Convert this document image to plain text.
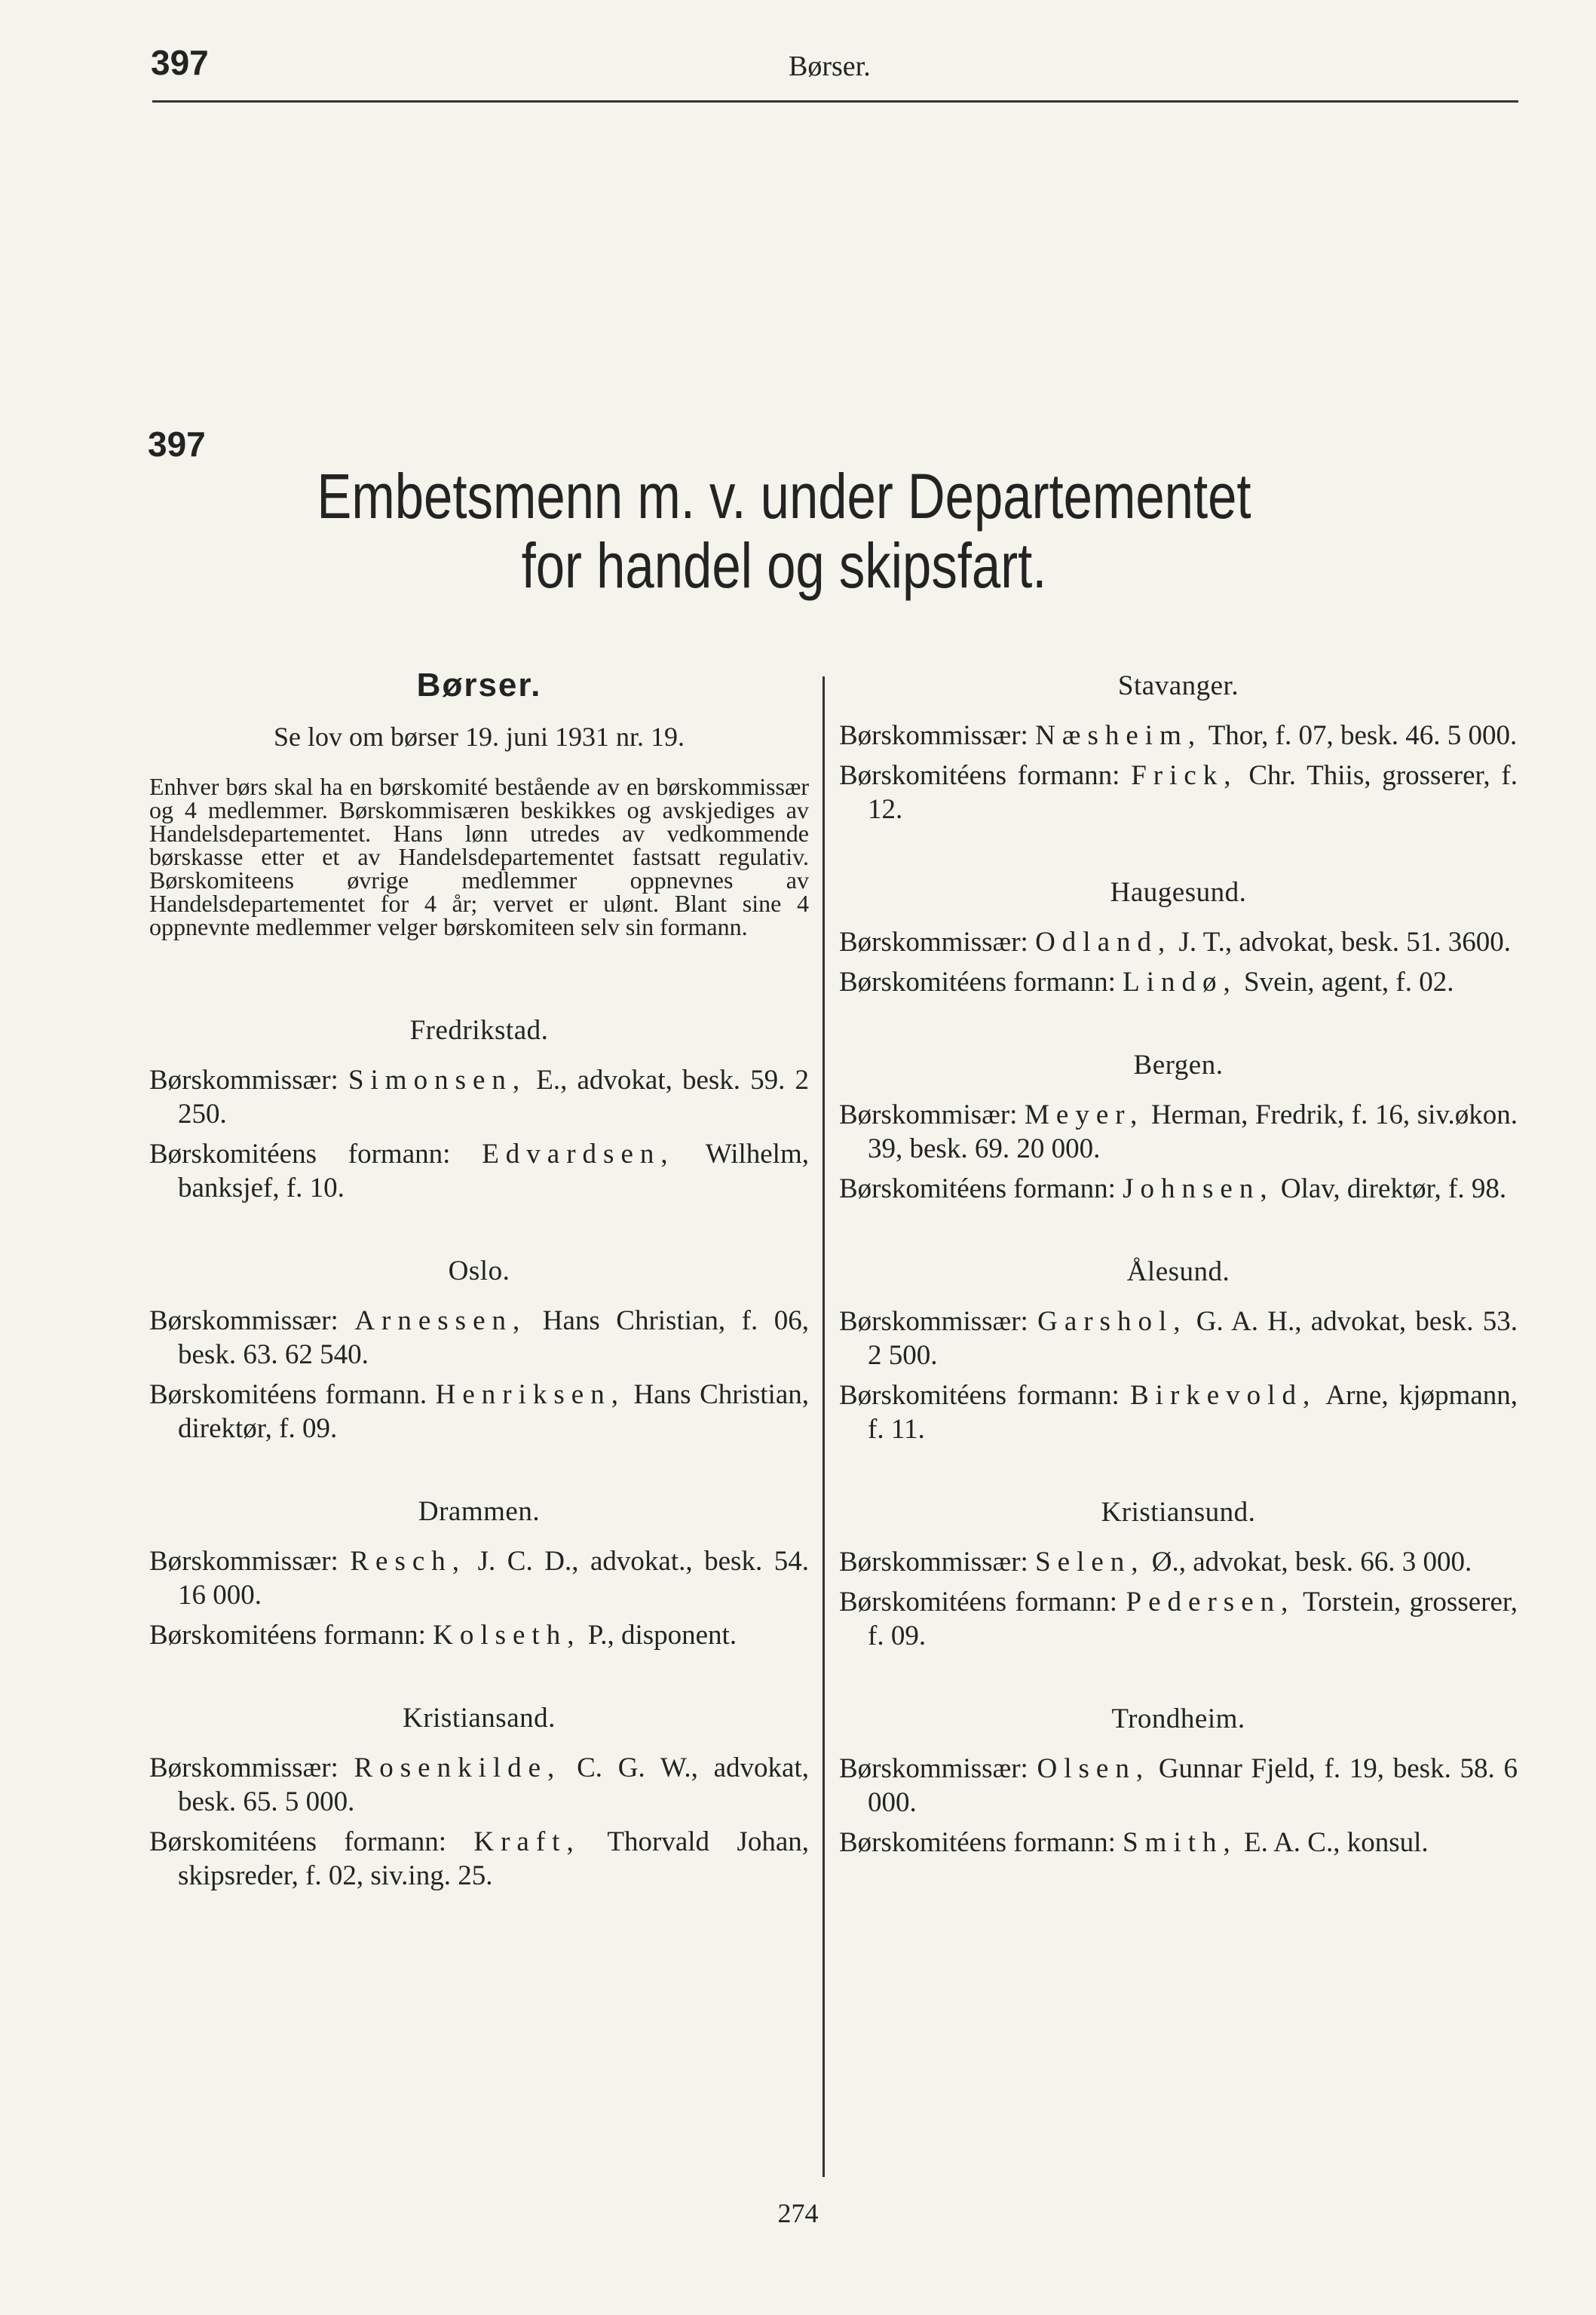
397	Børser.
397
Embetsmenn m. v. under Departementet
for handel og skipsfart.
Børser.
Se lov om børser 19. juni 1931 nr. 19.
Enhver børs skal ha en børskomité bestående av en børskommissær og 4 medlemmer. Børskommisæren beskikkes og avskjediges av Handelsdepartementet. Hans lønn utredes av vedkommende børskasse etter et av Handelsdepartementet fastsatt regulativ. Børskomiteens øvrige medlemmer oppnevnes av Handelsdepartementet for 4 år; vervet er ulønt. Blant sine 4 oppnevnte medlemmer velger børskomiteen selv sin formann.
Fredrikstad.
Børskommissær: Simonsen, E., advokat, besk. 59. 2 250.
Børskomitéens formann: Edvardsen, Wilhelm, banksjef, f. 10.
Oslo.
Børskommissær: Arnessen, Hans Christian, f. 06, besk. 63. 62 540.
Børskomitéens formann. Henriksen, Hans Christian, direktør, f. 09.
Drammen.
Børskommissær: Resch, J. C. D., advokat., besk. 54. 16 000.
Børskomitéens formann: Kolseth, P., disponent.
Kristiansand.
Børskommissær: Rosenkilde, C. G. W., advokat, besk. 65. 5 000.
Børskomitéens formann: Kraft, Thorvald Johan, skipsreder, f. 02, siv.ing. 25.
Stavanger.
Børskommissær: Næsheim, Thor, f. 07, besk. 46. 5 000.
Børskomitéens formann: Frick, Chr. Thiis, grosserer, f. 12.
Haugesund.
Børskommissær: Odland, J. T., advokat, besk. 51. 3600.
Børskomitéens formann: Lindø, Svein, agent, f. 02.
Bergen.
Børskommisær: Meyer, Herman, Fredrik, f. 16, siv.økon. 39, besk. 69. 20 000.
Børskomitéens formann: Johnsen, Olav, direktør, f. 98.
Ålesund.
Børskommissær: Garshol, G. A. H., advokat, besk. 53. 2 500.
Børskomitéens formann: Birkevold, Arne, kjøpmann, f. 11.
Kristiansund.
Børskommissær: Selen, Ø., advokat, besk. 66. 3 000.
Børskomitéens formann: Pedersen, Torstein, grosserer, f. 09.
Trondheim.
Børskommissær: Olsen, Gunnar Fjeld, f. 19, besk. 58. 6 000.
Børskomitéens formann: Smith, E. A. C., konsul.
274
